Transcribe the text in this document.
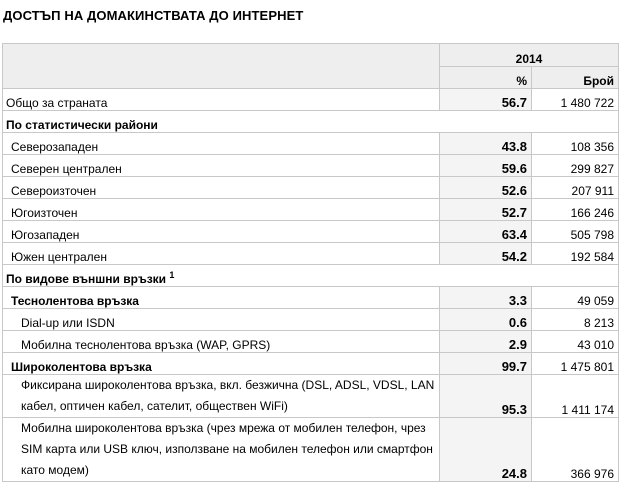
ДОСТЪП НА ДОМАКИНСТВАТА ДО ИНТЕРНЕТ
	2014	
	%	Брой
Общо за страната	56.7	1 480 722
По статистически райони		
Северозападен	43.8	108 356
Северен централен	59.6	299 827
Североизточен	52.6	207 911
Югоизточен	52.7	166 246
Югозападен	63.4	505 798
Южен централен	54.2	192 584
По видове външни връзки $^1$
Теснолентова връзка	3.3	49 059
Dial-up или ISDN	0.6	8 213
Мобилна теснолентова връзка (WAP, GPRS)	2.9	43 010
Широколентова връзка	99.7	1 475 801
Фиксирана широколентова връзка, вкл. безжична (DSL, ADSL, VDSL, LAN кабел, оптичен кабел, сателит, обществен WiFi)	95.3	1 411 174
Мобилна широколентова връзка (чрез мрежа от мобилен телефон, чрез SIM карта или USB ключ, използване на мобилен телефон или смартфон като модем)	24.8	366 976
